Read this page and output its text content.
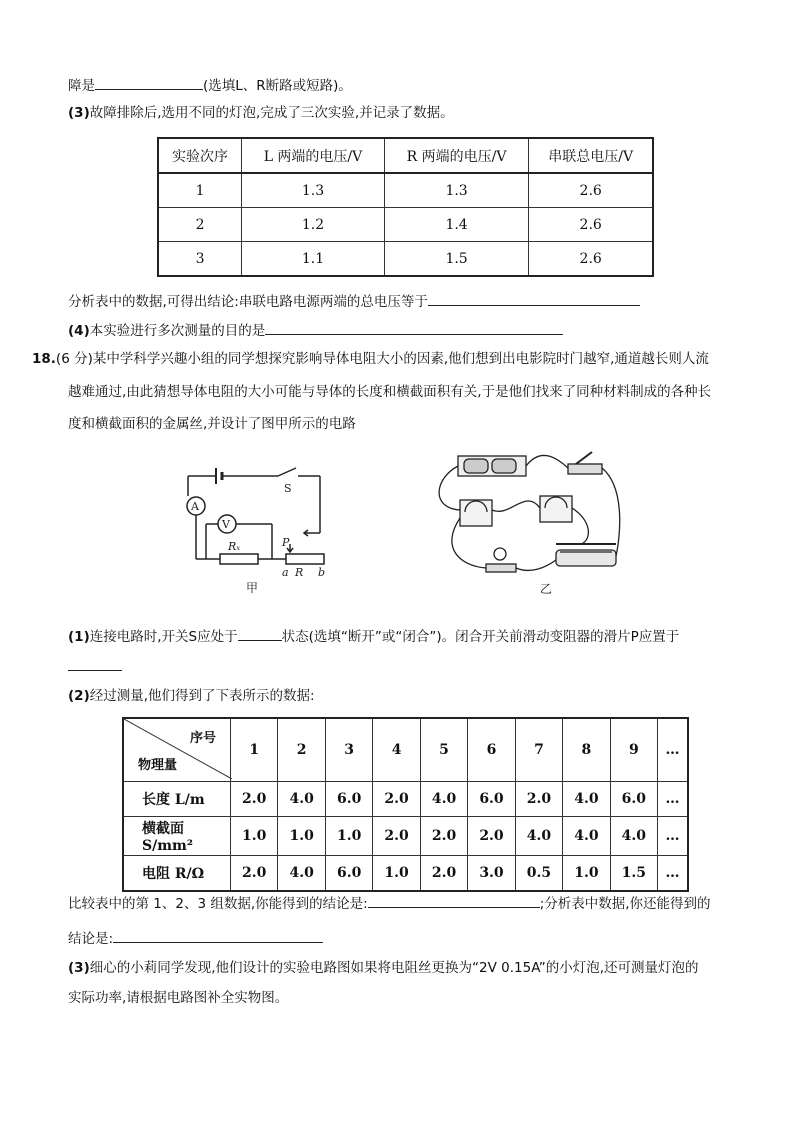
障是	(选填L、R断路或短路)。
(3)故障排除后,选用不同的灯泡,完成了三次实验,并记录了数据。
实验次序	L 两端的电压/V	R 两端的电压/V	串联总电压/V
1	1.3	1.3	2.6
2	1.2	1.4	2.6
3	1.1	1.5	2.6
分析表中的数据,可得出结论:串联电路电源两端的总电压等于
(4)本实验进行多次测量的目的是
18.(6 分)某中学科学兴趣小组的同学想探究影响导体电阻大小的因素,他们想到出电影院时门越窄,通道越长则人流
越难通过,由此猜想导体电阻的大小可能与导体的长度和横截面积有关,于是他们找来了同种材料制成的各种长
度和横截面积的金属丝,并设计了图甲所示的电路
A
V
S
Rₓ	P
a R b
甲	乙
(1)连接电路时,开关S应处于	状态(选填“断开”或“闭合”)。闭合开关前滑动变阻器的滑片P应置于
(2)经过测量,他们得到了下表所示的数据:
序号
物理量	1	2	3	4	5	6	7	8	9	…
长度 L/m	2.0	4.0	6.0	2.0	4.0	6.0	2.0	4.0	6.0	…
横截面 S/mm²	1.0	1.0	1.0	2.0	2.0	2.0	4.0	4.0	4.0	…
电阻 R/Ω	2.0	4.0	6.0	1.0	2.0	3.0	0.5	1.0	1.5	…
比较表中的第 1、2、3 组数据,你能得到的结论是:	;分析表中数据,你还能得到的
结论是:
(3)细心的小莉同学发现,他们设计的实验电路图如果将电阻丝更换为“2V 0.15A”的小灯泡,还可测量灯泡的
实际功率,请根据电路图补全实物图。
